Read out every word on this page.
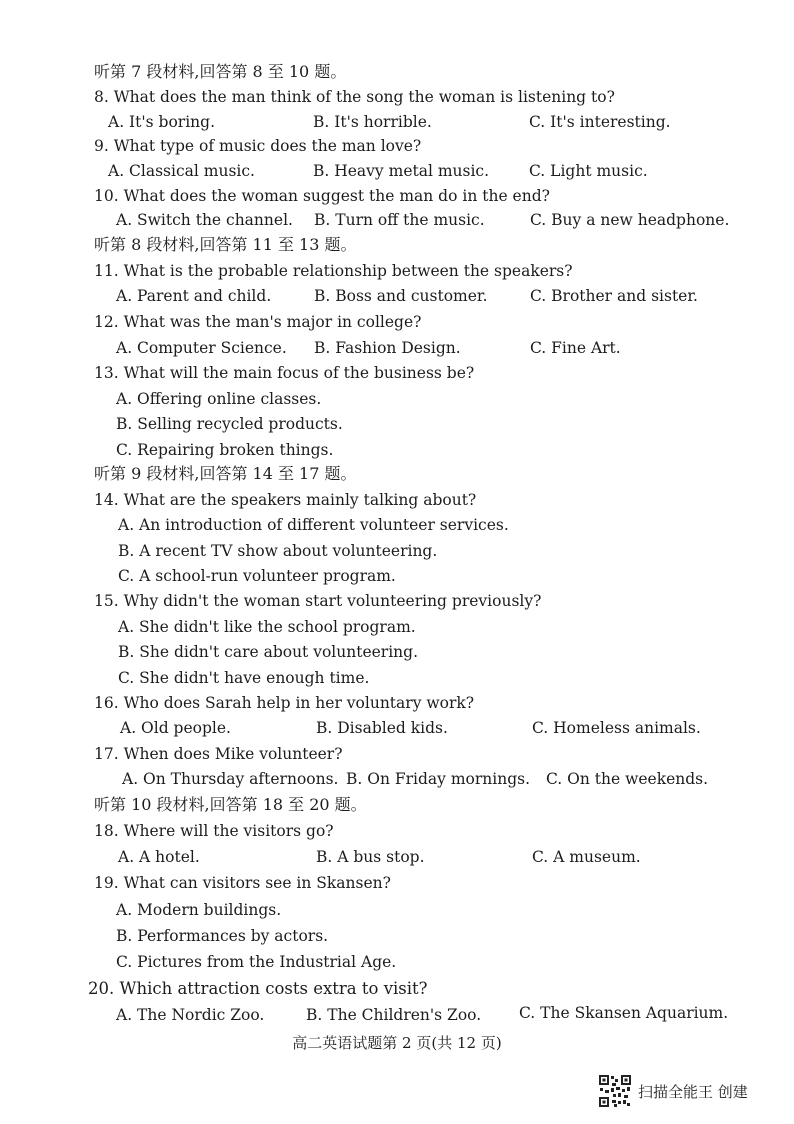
听第 7 段材料,回答第 8 至 10 题。
8. What does the man think of the song the woman is listening to?
A. It's boring.	B. It's horrible.	C. It's interesting.
9. What type of music does the man love?
A. Classical music.	B. Heavy metal music.	C. Light music.
10. What does the woman suggest the man do in the end?
A. Switch the channel. B. Turn off the music.	C. Buy a new headphone.
听第 8 段材料,回答第 11 至 13 题。
11. What is the probable relationship between the speakers?
A. Parent and child.	B. Boss and customer.	C. Brother and sister.
12. What was the man's major in college?
A. Computer Science. B. Fashion Design.	C. Fine Art.
13. What will the main focus of the business be?
A. Offering online classes.
B. Selling recycled products.
C. Repairing broken things.
听第 9 段材料,回答第 14 至 17 题。
14. What are the speakers mainly talking about?
A. An introduction of different volunteer services.
B. A recent TV show about volunteering.
C. A school-run volunteer program.
15. Why didn't the woman start volunteering previously?
A. She didn't like the school program.
B. She didn't care about volunteering.
C. She didn't have enough time.
16. Who does Sarah help in her voluntary work?
A. Old people.	B. Disabled kids.	C. Homeless animals.
17. When does Mike volunteer?
A. On Thursday afternoons. B. On Friday mornings. C. On the weekends.
听第 10 段材料,回答第 18 至 20 题。
18. Where will the visitors go?
A. A hotel.	B. A bus stop.	C. A museum.
19. What can visitors see in Skansen?
A. Modern buildings.
B. Performances by actors.
C. Pictures from the Industrial Age.
20. Which attraction costs extra to visit?
A. The Nordic Zoo.	B. The Children's Zoo. C. The Skansen Aquarium.
高二英语试题第 2 页(共 12 页)
扫描全能王 创建
